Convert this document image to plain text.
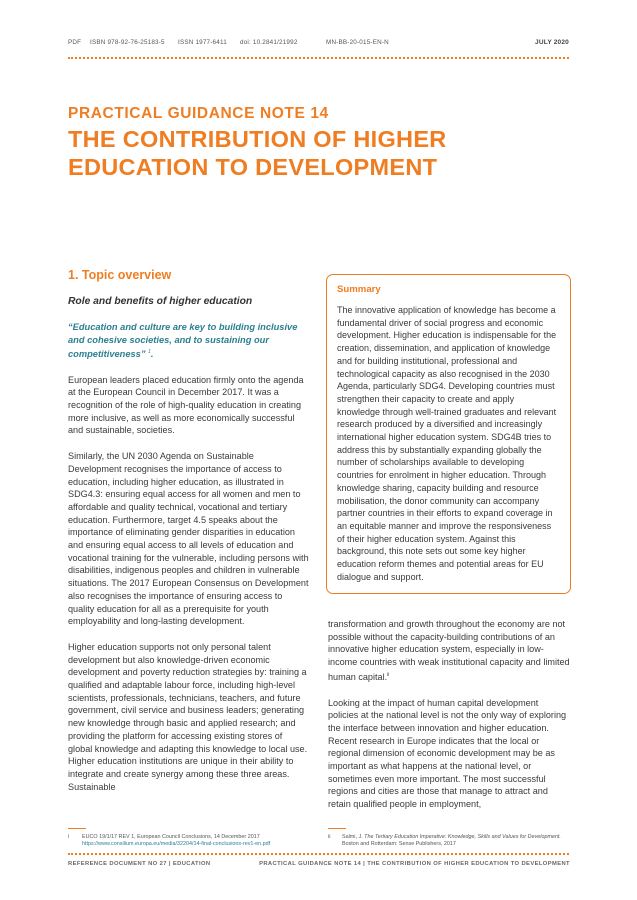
PDF ISBN 978-92-76-25183-5 ISSN 1977-6411 doi: 10.2841/21992	MN-BB-20-015-EN-N	JULY 2020

PRACTICAL GUIDANCE NOTE 14

THE CONTRIBUTION OF HIGHER
EDUCATION TO DEVELOPMENT
1. Topic overview
Role and benefits of higher education

“Education and culture are key to building inclusive and cohesive societies, and to sustaining our competitiveness” $^1$.

European leaders placed education firmly onto the agenda at the European Council in December 2017. It was a recognition of the role of high-quality education in creating more inclusive, as well as more economically successful and sustainable, societies.

Similarly, the UN 2030 Agenda on Sustainable Development recognises the importance of access to education, including higher education, as illustrated in SDG4.3: ensuring equal access for all women and men to affordable and quality technical, vocational and tertiary education. Furthermore, target 4.5 speaks about the importance of eliminating gender disparities in education and ensuring equal access to all levels of education and vocational training for the vulnerable, including persons with disabilities, indigenous peoples and children in vulnerable situations. The 2017 European Consensus on Development also recognises the importance of ensuring access to quality education for all as a prerequisite for youth employability and long-lasting development.

Higher education supports not only personal talent development but also knowledge-driven economic development and poverty reduction strategies by: training a qualified and adaptable labour force, including high-level scientists, professionals, technicians, teachers, and future government, civil service and business leaders; generating new knowledge through basic and applied research; and providing the platform for accessing existing stores of global knowledge and adapting this knowledge to local use. Higher education institutions are unique in their ability to integrate and create synergy among these three areas. Sustainable

Summary

The innovative application of knowledge has become a fundamental driver of social progress and economic development. Higher education is indispensable for the creation, dissemination, and application of knowledge and for building institutional, professional and technological capacity as also recognised in the 2030 Agenda, particularly SDG4. Developing countries must strengthen their capacity to create and apply knowledge through well-trained graduates and relevant research produced by a diversified and increasingly international higher education system. SDG4B tries to address this by substantially expanding globally the number of scholarships available to developing countries for enrolment in higher education. Through knowledge sharing, capacity building and resource mobilisation, the donor community can accompany partner countries in their efforts to expand coverage in an equitable manner and improve the responsiveness of their higher education system. Against this background, this note sets out some key higher education reform themes and potential areas for EU dialogue and support.

transformation and growth throughout the economy are not possible without the capacity-building contributions of an innovative higher education system, especially in low-income countries with weak institutional capacity and limited human capital.$^{ii}$

Looking at the impact of human capital development policies at the national level is not the only way of exploring the interface between innovation and higher education. Recent research in Europe indicates that the local or regional dimension of economic development may be as important as what happens at the national level, or sometimes even more important. The most successful regions and cities are those that manage to attract and retain qualified people in employment,

i EUCO 19/1/17 REV 1, European Council Conclusions, 14 December 2017
https://www.consilium.europa.eu/media/32204/14-final-conclusions-rev1-en.pdf
ii Salmi, J. The Tertiary Education Imperative: Knowledge, Skills and Values for Development. Boston and Rotterdam: Sense Publishers, 2017
REFERENCE DOCUMENT NO 27 | EDUCATION	PRACTICAL GUIDANCE NOTE 14 | THE CONTRIBUTION OF HIGHER EDUCATION TO DEVELOPMENT
